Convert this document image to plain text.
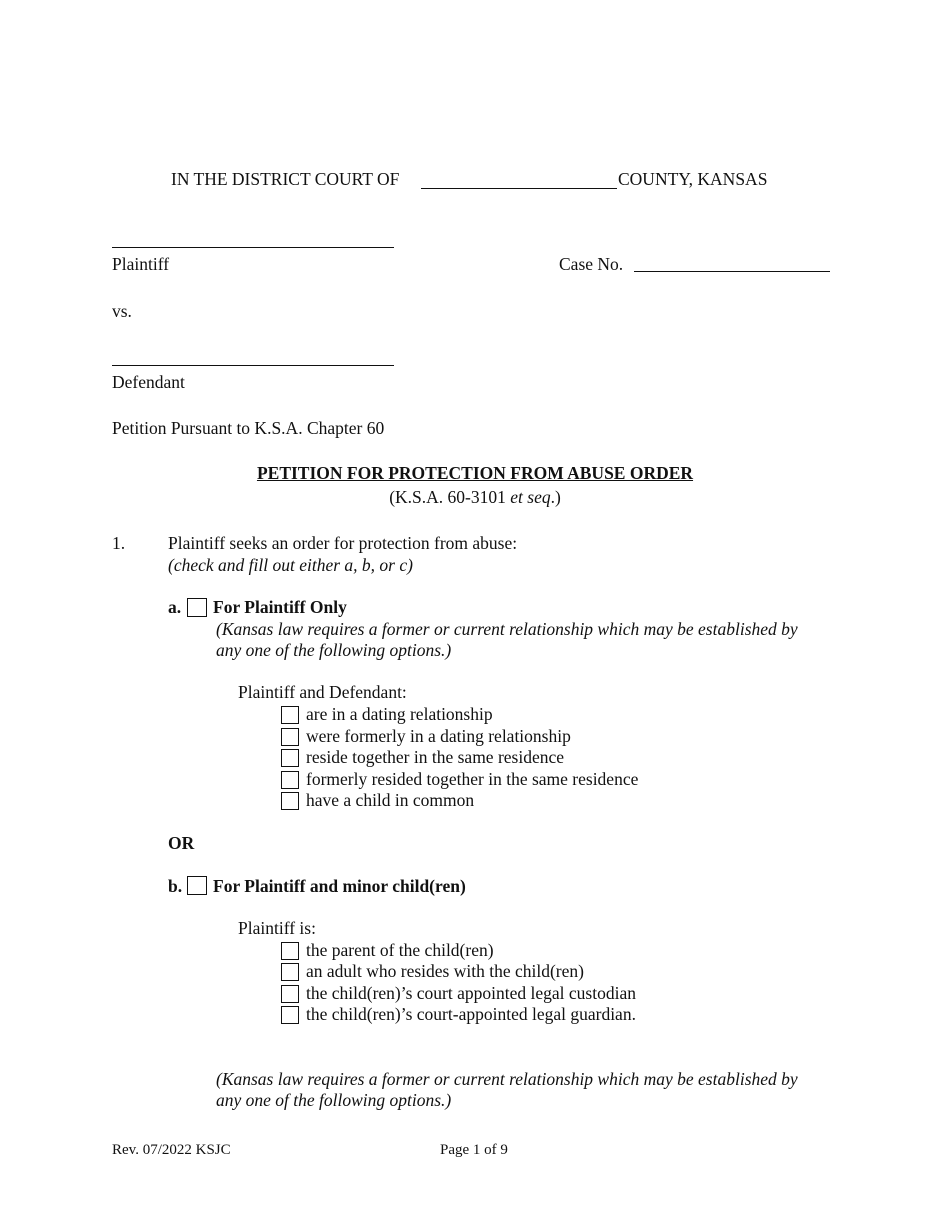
IN THE DISTRICT COURT OF	COUNTY, KANSAS
Plaintiff	Case No.
vs.
Defendant
Petition Pursuant to K.S.A. Chapter 60
PETITION FOR PROTECTION FROM ABUSE ORDER
(K.S.A. 60-3101 et seq.)
1. Plaintiff seeks an order for protection from abuse:
(check and fill out either a, b, or c)
a. For Plaintiff Only
(Kansas law requires a former or current relationship which may be established by
any one of the following options.)
Plaintiff and Defendant:
are in a dating relationship
were formerly in a dating relationship
reside together in the same residence
formerly resided together in the same residence
have a child in common
OR
b. For Plaintiff and minor child(ren)
Plaintiff is:
the parent of the child(ren)
an adult who resides with the child(ren)
the child(ren)’s court appointed legal custodian
the child(ren)’s court-appointed legal guardian.
(Kansas law requires a former or current relationship which may be established by
any one of the following options.)
Rev. 07/2022 KSJC	Page 1 of 9
